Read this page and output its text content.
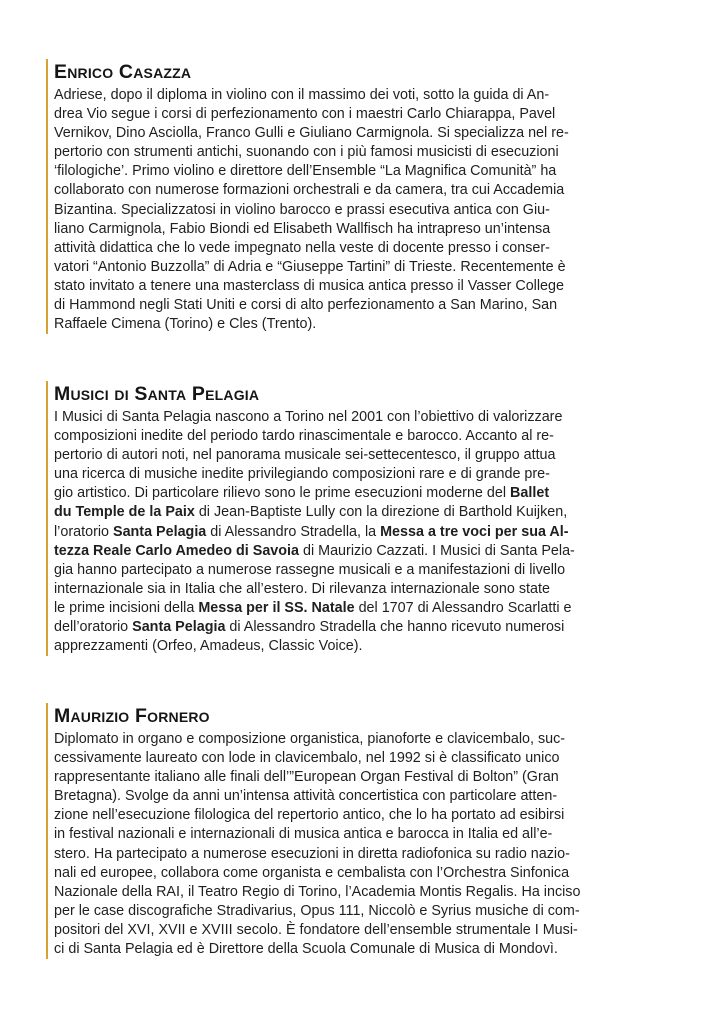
Enrico Casazza

Adriese, dopo il diploma in violino con il massimo dei voti, sotto la guida di An-
drea Vio segue i corsi di perfezionamento con i maestri Carlo Chiarappa, Pavel
Vernikov, Dino Asciolla, Franco Gulli e Giuliano Carmignola. Si specializza nel re-
pertorio con strumenti antichi, suonando con i più famosi musicisti di esecuzioni
‘filologiche’. Primo violino e direttore dell’Ensemble “La Magnifica Comunità” ha
collaborato con numerose formazioni orchestrali e da camera, tra cui Accademia
Bizantina. Specializzatosi in violino barocco e prassi esecutiva antica con Giu-
liano Carmignola, Fabio Biondi ed Elisabeth Wallfisch ha intrapreso un’intensa
attività didattica che lo vede impegnato nella veste di docente presso i conser-
vatori “Antonio Buzzolla” di Adria e “Giuseppe Tartini” di Trieste. Recentemente è
stato invitato a tenere una masterclass di musica antica presso il Vasser College
di Hammond negli Stati Uniti e corsi di alto perfezionamento a San Marino, San
Raffaele Cimena (Torino) e Cles (Trento).

Musici di Santa Pelagia

I Musici di Santa Pelagia nascono a Torino nel 2001 con l’obiettivo di valorizzare
composizioni inedite del periodo tardo rinascimentale e barocco. Accanto al re-
pertorio di autori noti, nel panorama musicale sei-settecentesco, il gruppo attua
una ricerca di musiche inedite privilegiando composizioni rare e di grande pre-
gio artistico. Di particolare rilievo sono le prime esecuzioni moderne del Ballet
du Temple de la Paix di Jean-Baptiste Lully con la direzione di Barthold Kuijken,
l’oratorio Santa Pelagia di Alessandro Stradella, la Messa a tre voci per sua Al-
tezza Reale Carlo Amedeo di Savoia di Maurizio Cazzati. I Musici di Santa Pela-
gia hanno partecipato a numerose rassegne musicali e a manifestazioni di livello
internazionale sia in Italia che all’estero. Di rilevanza internazionale sono state
le prime incisioni della Messa per il SS. Natale del 1707 di Alessandro Scarlatti e
dell’oratorio Santa Pelagia di Alessandro Stradella che hanno ricevuto numerosi
apprezzamenti (Orfeo, Amadeus, Classic Voice).

Maurizio Fornero

Diplomato in organo e composizione organistica, pianoforte e clavicembalo, suc-
cessivamente laureato con lode in clavicembalo, nel 1992 si è classificato unico
rappresentante italiano alle finali dell’”European Organ Festival di Bolton” (Gran
Bretagna). Svolge da anni un’intensa attività concertistica con particolare atten-
zione nell’esecuzione filologica del repertorio antico, che lo ha portato ad esibirsi
in festival nazionali e internazionali di musica antica e barocca in Italia ed all’e-
stero. Ha partecipato a numerose esecuzioni in diretta radiofonica su radio nazio-
nali ed europee, collabora come organista e cembalista con l’Orchestra Sinfonica
Nazionale della RAI, il Teatro Regio di Torino, l’Academia Montis Regalis. Ha inciso
per le case discografiche Stradivarius, Opus 111, Niccolò e Syrius musiche di com-
positori del XVI, XVII e XVIII secolo. È fondatore dell’ensemble strumentale I Musi-
ci di Santa Pelagia ed è Direttore della Scuola Comunale di Musica di Mondovì.
